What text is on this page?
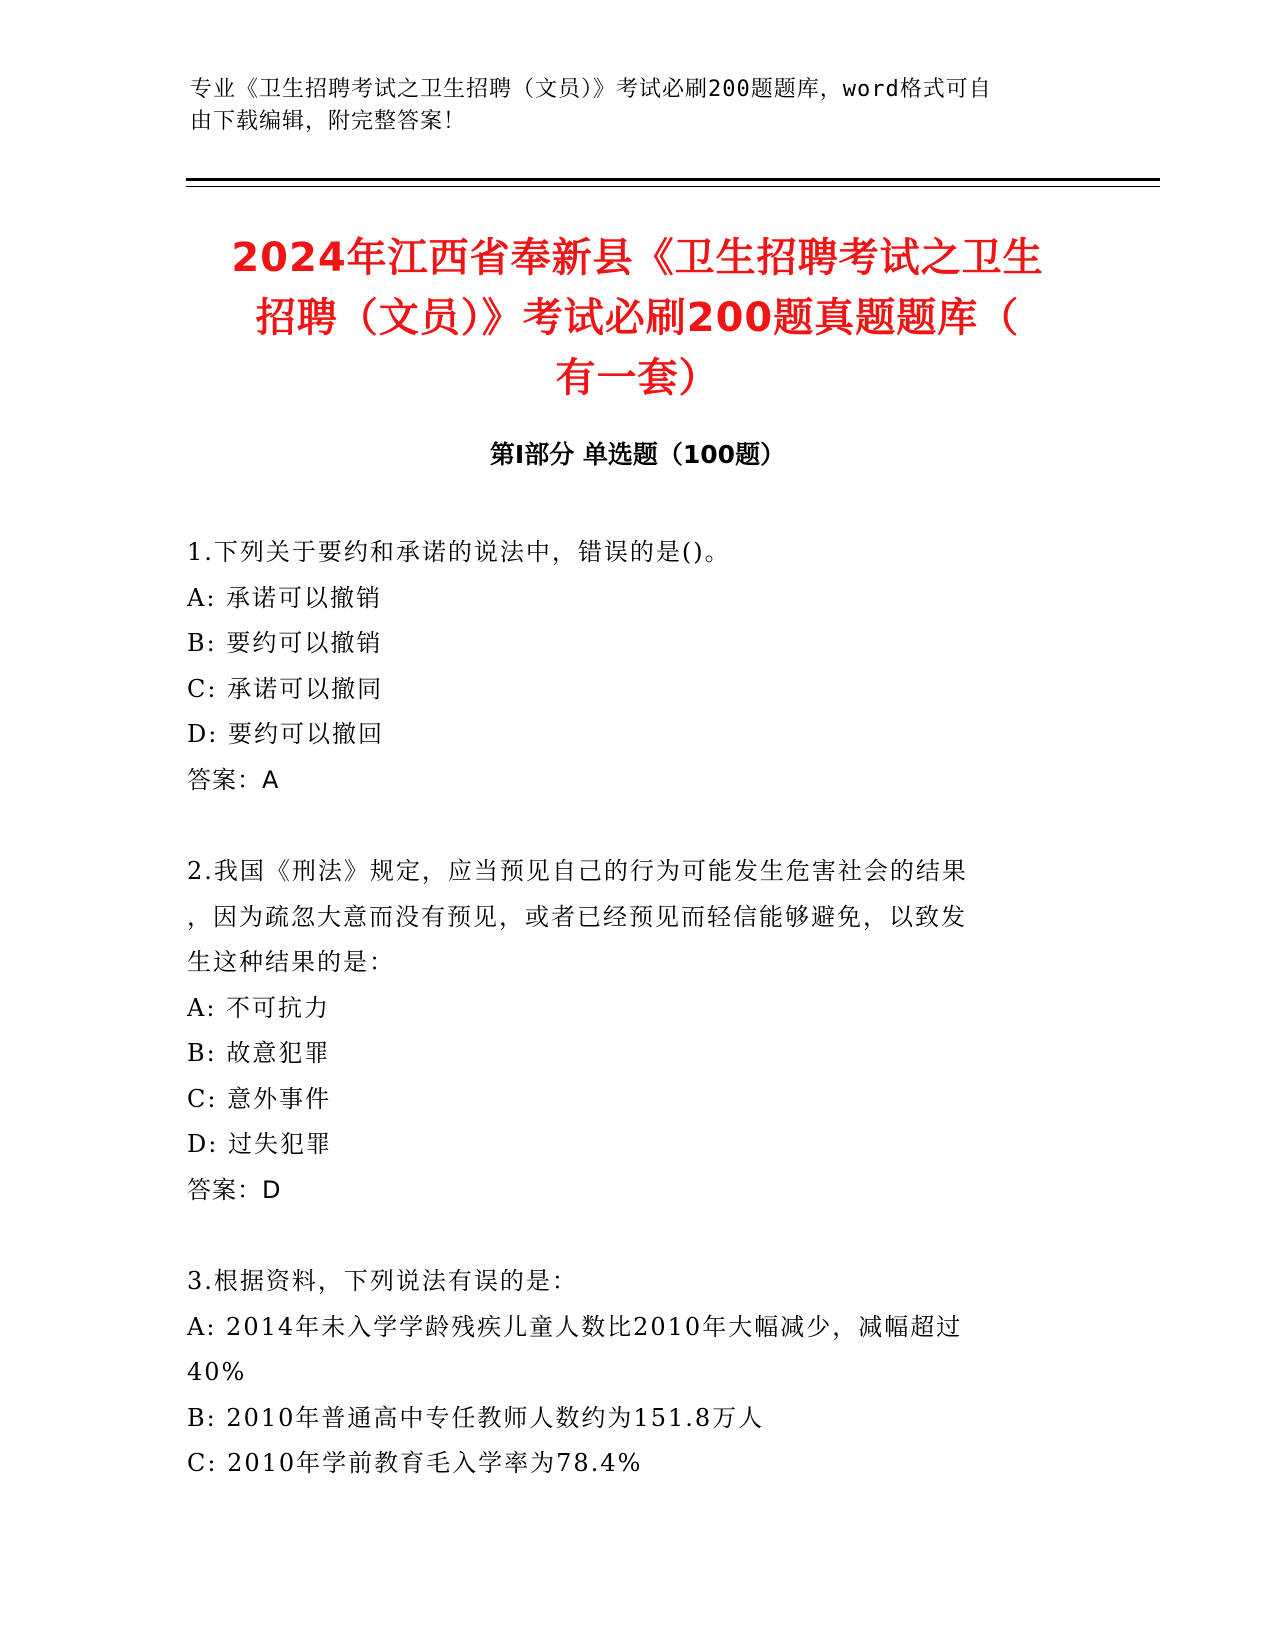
专业《卫生招聘考试之卫生招聘（文员）》考试必刷200题题库，word格式可自
由下载编辑，附完整答案！
2024年江西省奉新县《卫生招聘考试之卫生
招聘（文员）》考试必刷200题真题题库（
有一套）
第Ⅰ部分 单选题（100题）
1.下列关于要约和承诺的说法中，错误的是()。
A: 承诺可以撤销
B: 要约可以撤销
C: 承诺可以撤同
D: 要约可以撤回
答案：A
2.我国《刑法》规定，应当预见自己的行为可能发生危害社会的结果
，因为疏忽大意而没有预见，或者已经预见而轻信能够避免，以致发
生这种结果的是：
A: 不可抗力
B: 故意犯罪
C: 意外事件
D: 过失犯罪
答案：D
3.根据资料，下列说法有误的是：
A: 2014年未入学学龄残疾儿童人数比2010年大幅减少，减幅超过
40%
B: 2010年普通高中专任教师人数约为151.8万人
C: 2010年学前教育毛入学率为78.4%
